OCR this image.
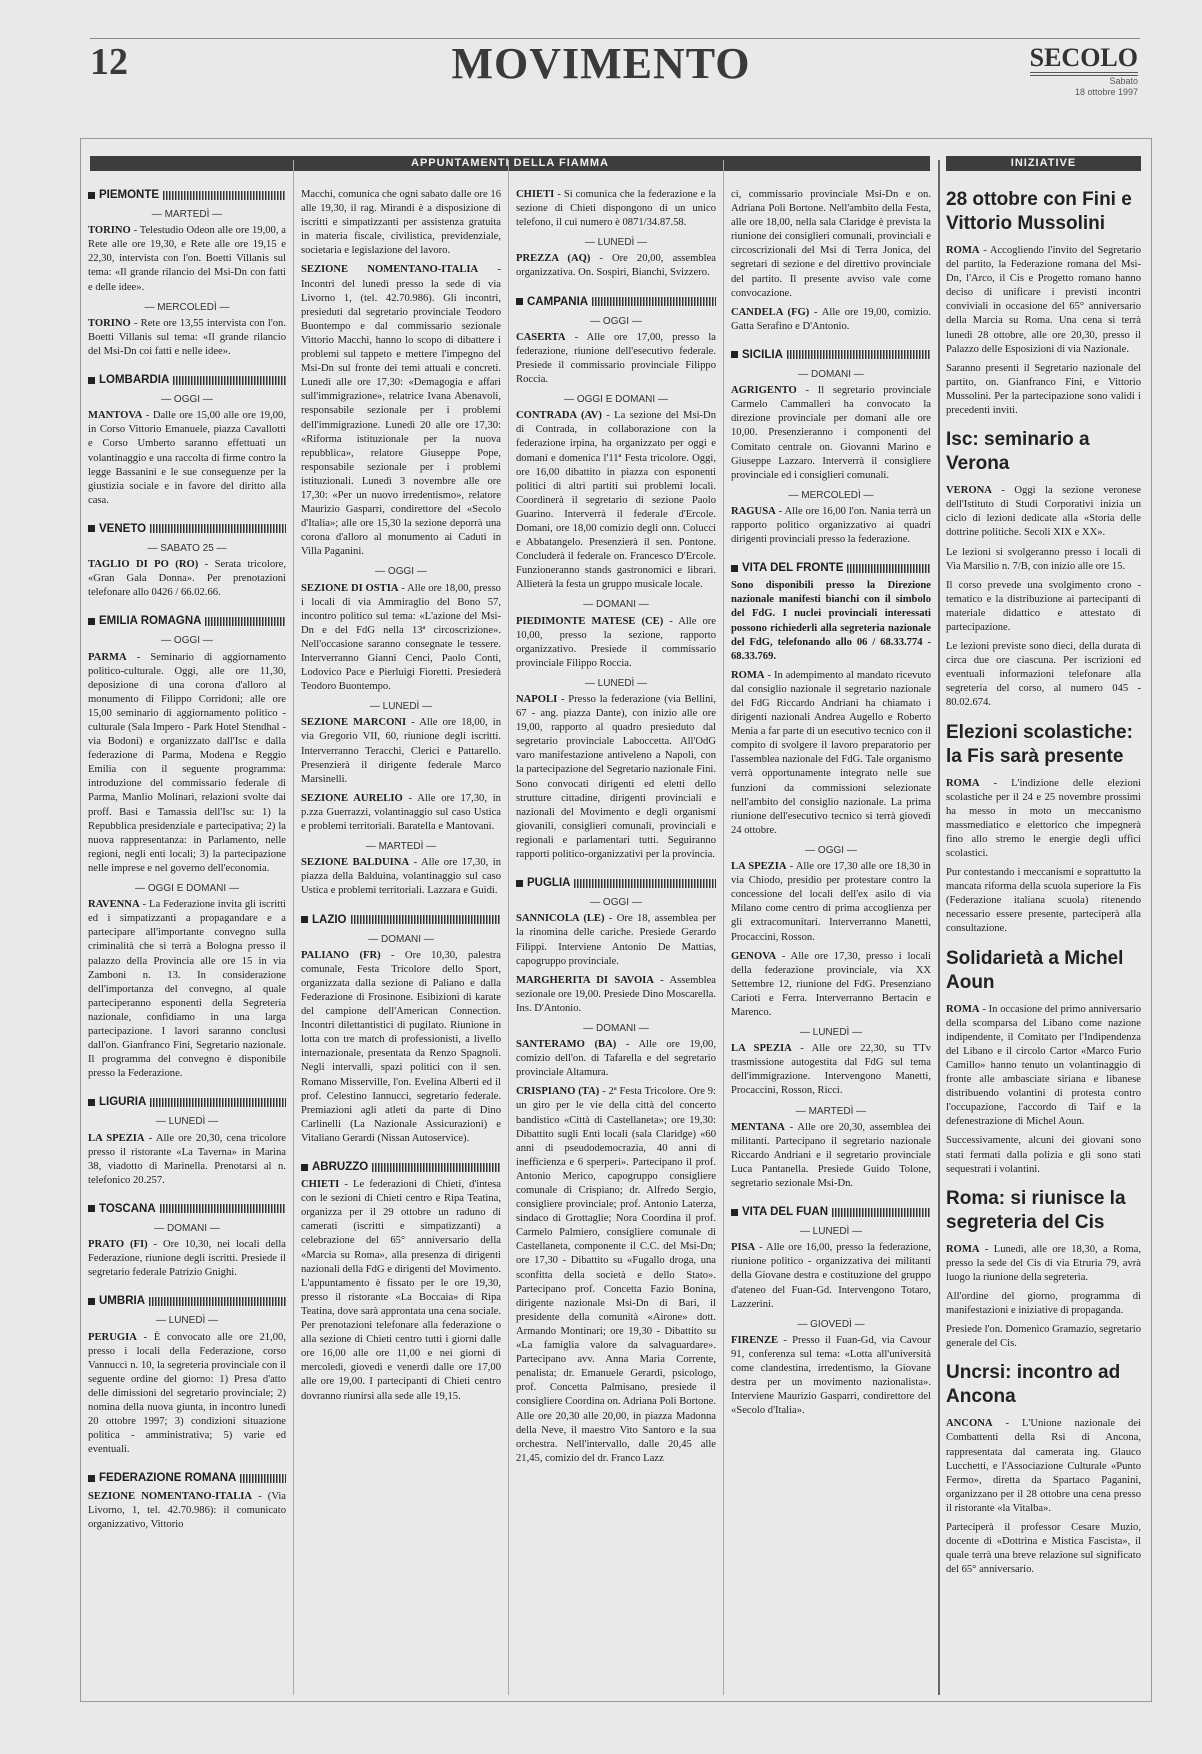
12	MOVIMENTO	SECOLO
Sabato
18 ottobre 1997
APPUNTAMENTI DELLA FIAMMA	INIZIATIVE
PIEMONTE
— MARTEDÌ —

TORINO - Telestudio Odeon alle ore 19,00, a Rete alle ore 19,30, e Rete alle ore 19,15 e 22,30, intervista con l'on. Boetti Villanis sul tema: «Il grande rilancio del Msi-Dn con fatti e delle idee».

— MERCOLEDÌ —

TORINO - Rete ore 13,55 intervista con l'on. Boetti Villanis sul tema: «Il grande rilancio del Msi-Dn coi fatti e nelle idee».

LOMBARDIA
— OGGI —

MANTOVA - Dalle ore 15,00 alle ore 19,00, in Corso Vittorio Emanuele, piazza Cavallotti e Corso Umberto saranno effettuati un volantinaggio e una raccolta di firme contro la legge Bassanini e le sue conseguenze per la giustizia sociale e in favore del diritto alla casa.

VENETO
— SABATO 25 —

TAGLIO DI PO (RO) - Serata tricolore, «Gran Gala Donna». Per prenotazioni telefonare allo 0426 / 66.02.66.

EMILIA ROMAGNA
— OGGI —

PARMA - Seminario di aggiornamento politico-culturale. Oggi, alle ore 11,30, deposizione di una corona d'alloro al monumento di Filippo Corridoni; alle ore 15,00 seminario di aggiornamento politico - culturale (Sala Impero - Park Hotel Stendhal - via Bodoni) e organizzato dall'Isc e dalla federazione di Parma, Modena e Reggio Emilia con il seguente programma: introduzione del commissario federale di Parma, Manlio Molinari, relazioni svolte dai proff. Basi e Tamassia dell'Isc su: 1) la Repubblica presidenziale e partecipativa; 2) la nuova rappresentanza: in Parlamento, nelle regioni, negli enti locali; 3) la partecipazione nelle imprese e nel governo dell'economia.

— OGGI E DOMANI —

RAVENNA - La Federazione invita gli iscritti ed i simpatizzanti a propagandare e a partecipare all'importante convegno sulla criminalità che si terrà a Bologna presso il palazzo della Provincia alle ore 15 in via Zamboni n. 13. In considerazione dell'importanza del convegno, al quale parteciperanno esponenti della Segreteria nazionale, confidiamo in una larga partecipazione. I lavori saranno conclusi dall'on. Gianfranco Fini, Segretario nazionale. Il programma del convegno è disponibile presso la Federazione.

LIGURIA
— LUNEDÌ —

LA SPEZIA - Alle ore 20,30, cena tricolore presso il ristorante «La Taverna» in Marina 38, viadotto di Marinella. Prenotarsi al n. telefonico 20.257.

TOSCANA
— DOMANI —

PRATO (FI) - Ore 10,30, nei locali della Federazione, riunione degli iscritti. Presiede il segretario federale Patrizio Gnighi.

UMBRIA
— LUNEDÌ —

PERUGIA - È convocato alle ore 21,00, presso i locali della Federazione, corso Vannucci n. 10, la segreteria provinciale con il seguente ordine del giorno: 1) Presa d'atto delle dimissioni del segretario provinciale; 2) nomina della nuova giunta, in incontro lunedì 20 ottobre 1997; 3) condizioni situazione politica - amministrativa; 5) varie ed eventuali.

FEDERAZIONE ROMANA

SEZIONE NOMENTANO-ITALIA - (Via Livorno, 1, tel. 42.70.986): il comunicato organizzativo, Vittorio

Macchi, comunica che ogni sabato dalle ore 16 alle 19,30, il rag. Mirandi è a disposizione di iscritti e simpatizzanti per assistenza gratuita in materia fiscale, civilistica, previdenziale, societaria e legislazione del lavoro.

SEZIONE NOMENTANO-ITALIA - Incontri del lunedì presso la sede di via Livorno 1, (tel. 42.70.986). Gli incontri, presieduti dal segretario provinciale Teodoro Buontempo e dal commissario sezionale Vittorio Macchi, hanno lo scopo di dibattere i problemi sul tappeto e mettere l'impegno del Msi-Dn sul fronte dei temi attuali e concreti. Lunedì alle ore 17,30: «Demagogia e affari sull'immigrazione», relatrice Ivana Abenavoli, responsabile sezionale per i problemi dell'immigrazione. Lunedì 20 alle ore 17,30: «Riforma istituzionale per la nuova repubblica», relatore Giuseppe Pope, responsabile sezionale per i problemi istituzionali. Lunedì 3 novembre alle ore 17,30: «Per un nuovo irredentismo», relatore Maurizio Gasparri, condirettore del «Secolo d'Italia»; alle ore 15,30 la sezione deporrà una corona d'alloro al monumento ai Caduti in Villa Paganini.

— OGGI —

SEZIONE DI OSTIA - Alle ore 18,00, presso i locali di via Ammiraglio del Bono 57, incontro politico sul tema: «L'azione del Msi-Dn e del FdG nella 13ª circoscrizione». Nell'occasione saranno consegnate le tessere. Interverranno Gianni Cenci, Paolo Conti, Lodovico Pace e Pierluigi Fioretti. Presiederà Teodoro Buontempo.

— LUNEDÌ —

SEZIONE MARCONI - Alle ore 18,00, in via Gregorio VII, 60, riunione degli iscritti. Interverranno Teracchi, Clerici e Pattarello. Presenzierà il dirigente federale Marco Marsinelli.

SEZIONE AURELIO - Alle ore 17,30, in p.zza Guerrazzi, volantinaggio sul caso Ustica e problemi territoriali. Baratella e Mantovani.

— MARTEDÌ —

SEZIONE BALDUINA - Alle ore 17,30, in piazza della Balduina, volantinaggio sul caso Ustica e problemi territoriali. Lazzara e Guidi.

LAZIO
— DOMANI —

PALIANO (FR) - Ore 10,30, palestra comunale, Festa Tricolore dello Sport, organizzata dalla sezione di Paliano e dalla Federazione di Frosinone. Esibizioni di karate del campione dell'American Connection. Incontri dilettantistici di pugilato. Riunione in lotta con tre match di professionisti, a livello internazionale, presentata da Renzo Spagnoli. Negli intervalli, spazi politici con il sen. Romano Misserville, l'on. Evelina Alberti ed il prof. Celestino Iannucci, segretario federale. Premiazioni agli atleti da parte di Dino Carlinelli (La Nazionale Assicurazioni) e Vitaliano Gerardi (Nissan Autoservice).

ABRUZZO

CHIETI - Le federazioni di Chieti, d'intesa con le sezioni di Chieti centro e Ripa Teatina, organizza per il 29 ottobre un raduno di camerati (iscritti e simpatizzanti) a celebrazione del 65° anniversario della «Marcia su Roma», alla presenza di dirigenti nazionali della FdG e dirigenti del Movimento. L'appuntamento è fissato per le ore 19,30, presso il ristorante «La Boccaia» di Ripa Teatina, dove sarà approntata una cena sociale. Per prenotazioni telefonare alla federazione o alla sezione di Chieti centro tutti i giorni dalle ore 16,00 alle ore 11,00 e nei giorni di mercoledì, giovedì e venerdì dalle ore 17,00 alle ore 19,00. I partecipanti di Chieti centro dovranno riunirsi alla sede alle 19,15.

CHIETI - Si comunica che la federazione e la sezione di Chieti dispongono di un unico telefono, il cui numero è 0871/34.87.58.

— LUNEDÌ —

PREZZA (AQ) - Ore 20,00, assemblea organizzativa. On. Sospiri, Bianchi, Svizzero.

CAMPANIA
— OGGI —

CASERTA - Alle ore 17,00, presso la federazione, riunione dell'esecutivo federale. Presiede il commissario provinciale Filippo Roccia.

— OGGI E DOMANI —

CONTRADA (AV) - La sezione del Msi-Dn di Contrada, in collaborazione con la federazione irpina, ha organizzato per oggi e domani e domenica l'11ª Festa tricolore. Oggi, ore 16,00 dibattito in piazza con esponenti politici di altri partiti sui problemi locali. Coordinerà il segretario di sezione Paolo Guarino. Interverrà il federale d'Ercole. Domani, ore 18,00 comizio degli onn. Colucci e Abbatangelo. Presenzierà il sen. Pontone. Concluderà il federale on. Francesco D'Ercole. Funzioneranno stands gastronomici e librari. Allieterà la festa un gruppo musicale locale.

— DOMANI —

PIEDIMONTE MATESE (CE) - Alle ore 10,00, presso la sezione, rapporto organizzativo. Presiede il commissario provinciale Filippo Roccia.

— LUNEDÌ —

NAPOLI - Presso la federazione (via Bellini, 67 - ang. piazza Dante), con inizio alle ore 19,00, rapporto al quadro presieduto dal segretario provinciale Laboccetta. All'OdG varo manifestazione antiveleno a Napoli, con la partecipazione del Segretario nazionale Fini. Sono convocati dirigenti ed eletti dello strutture cittadine, dirigenti provinciali e nazionali del Movimento e degli organismi giovanili, consiglieri comunali, provinciali e regionali e parlamentari tutti. Seguiranno rapporti politico-organizzativi per la provincia.

PUGLIA
— OGGI —

SANNICOLA (LE) - Ore 18, assemblea per la rinomina delle cariche. Presiede Gerardo Filippi. Interviene Antonio De Mattias, capogruppo provinciale.

MARGHERITA DI SAVOIA - Assemblea sezionale ore 19,00. Presiede Dino Moscarella. Ins. D'Antonio.

— DOMANI —

SANTERAMO (BA) - Alle ore 19,00, comizio dell'on. di Tafarella e del segretario provinciale Altamura.

CRISPIANO (TA) - 2ª Festa Tricolore. Ore 9: un giro per le vie della città del concerto bandistico «Città di Castellaneta»; ore 19,30: Dibattito sugli Enti locali (sala Claridge) «60 anni di pseudodemocrazia, 40 anni di inefficienza e 6 sperperi». Partecipano il prof. Antonio Merico, capogruppo consigliere comunale di Crispiano; dr. Alfredo Sergio, consigliere provinciale; prof. Antonio Laterza, sindaco di Grottaglie; Nora Coordina il prof. Carmelo Palmiero, consigliere comunale di Castellaneta, componente il C.C. del Msi-Dn; ore 17,30 - Dibattito su «Fugallo droga, una sconfitta della società e dello Stato». Partecipano prof. Concetta Fazio Bonina, dirigente nazionale Msi-Dn di Bari, il presidente della comunità «Airone» dott. Armando Montinari; ore 19,30 - Dibattito su «La famiglia valore da salvaguardare». Partecipano avv. Anna Maria Corrente, penalista; dr. Emanuele Gerardi, psicologo, prof. Concetta Palmisano, presiede il consigliere Coordina on. Adriana Poli Bortone. Alle ore 20,30 alle 20,00, in piazza Madonna della Neve, il maestro Vito Santoro e la sua orchestra. Nell'intervallo, dalle 20,45 alle 21,45, comizio del dr. Franco Lazz

ci, commissario provinciale Msi-Dn e on. Adriana Poli Bortone. Nell'ambito della Festa, alle ore 18,00, nella sala Claridge è prevista la riunione dei consiglieri comunali, provinciali e circoscrizionali del Msi di Terra Jonica, del segretari di sezione e del direttivo provinciale del partito. Il presente avviso vale come convocazione.

CANDELA (FG) - Alle ore 19,00, comizio. Gatta Serafino e D'Antonio.

SICILIA
— DOMANI —

AGRIGENTO - Il segretario provinciale Carmelo Cammalleri ha convocato la direzione provinciale per domani alle ore 10,00. Presenzieranno i componenti del Comitato centrale on. Giovanni Marino e Giuseppe Lazzaro. Interverrà il consigliere provinciale ed i consiglieri comunali.

— MERCOLEDÌ —

RAGUSA - Alle ore 16,00 l'on. Nania terrà un rapporto politico organizzativo ai quadri dirigenti provinciali presso la federazione.

VITA DEL FRONTE

Sono disponibili presso la Direzione nazionale manifesti bianchi con il simbolo del FdG. I nuclei provinciali interessati possono richiederli alla segreteria nazionale del FdG, telefonando allo 06 / 68.33.774 - 68.33.769.

ROMA - In adempimento al mandato ricevuto dal consiglio nazionale il segretario nazionale del FdG Riccardo Andriani ha chiamato i dirigenti nazionali Andrea Augello e Roberto Menia a far parte di un esecutivo tecnico con il compito di svolgere il lavoro preparatorio per l'assemblea nazionale del FdG. Tale organismo verrà opportunamente integrato nelle sue funzioni da commissioni selezionate nell'ambito del consiglio nazionale. La prima riunione dell'esecutivo tecnico si terrà giovedì 24 ottobre.

— OGGI —

LA SPEZIA - Alle ore 17,30 alle ore 18,30 in via Chiodo, presidio per protestare contro la concessione del locali dell'ex asilo di via Milano come centro di prima accoglienza per gli extracomunitari. Interverranno Manetti, Procaccini, Rosson.

GENOVA - Alle ore 17,30, presso i locali della federazione provinciale, via XX Settembre 12, riunione del FdG. Presenziano Carioti e Ferra. Interverranno Bertacin e Marenco.

— LUNEDÌ —

LA SPEZIA - Alle ore 22,30, su TTv trasmissione autogestita dal FdG sul tema dell'immigrazione. Intervengono Manetti, Procaccini, Rosson, Ricci.

— MARTEDÌ —

MENTANA - Alle ore 20,30, assemblea dei militanti. Partecipano il segretario nazionale Riccardo Andriani e il segretario provinciale Luca Pantanella. Presiede Guido Tolone, segretario sezionale Msi-Dn.

VITA DEL FUAN
— LUNEDÌ —

PISA - Alle ore 16,00, presso la federazione, riunione politico - organizzativa dei militanti della Giovane destra e costituzione del gruppo d'ateneo del Fuan-Gd. Intervengono Totaro, Lazzerini.

— GIOVEDÌ —

FIRENZE - Presso il Fuan-Gd, via Cavour 91, conferenza sul tema: «Lotta all'università come clandestina, irredentismo, la Giovane destra per un movimento nazionalista». Interviene Maurizio Gasparri, condirettore del «Secolo d'Italia».

28 ottobre con Fini e Vittorio Mussolini

ROMA - Accogliendo l'invito del Segretario del partito, la Federazione romana del Msi-Dn, l'Arco, il Cis e Progetto romano hanno deciso di unificare i previsti incontri conviviali in occasione del 65° anniversario della Marcia su Roma. Una cena si terrà lunedì 28 ottobre, alle ore 20,30, presso il Palazzo delle Esposizioni di via Nazionale.

Saranno presenti il Segretario nazionale del partito, on. Gianfranco Fini, e Vittorio Mussolini. Per la partecipazione sono validi i precedenti inviti.

Isc: seminario a Verona

VERONA - Oggi la sezione veronese dell'Istituto di Studi Corporativi inizia un ciclo di lezioni dedicate alla «Storia delle dottrine politiche. Secoli XIX e XX».

Le lezioni si svolgeranno presso i locali di Via Marsilio n. 7/B, con inizio alle ore 15.

Il corso prevede una svolgimento crono - tematico e la distribuzione ai partecipanti di materiale didattico e attestato di partecipazione.

Le lezioni previste sono dieci, della durata di circa due ore ciascuna. Per iscrizioni ed eventuali informazioni telefonare alla segreteria del corso, al numero 045 - 80.02.674.

Elezioni scolastiche: la Fis sarà presente

ROMA - L'indizione delle elezioni scolastiche per il 24 e 25 novembre prossimi ha messo in moto un meccanismo massmediatico e elettorico che impegnerà fino allo stremo le energie degli uffici scolastici.

Pur contestando i meccanismi e soprattutto la mancata riforma della scuola superiore la Fis (Federazione italiana scuola) ritenendo necessario essere presente, parteciperà alla consultazione.

Solidarietà a Michel Aoun

ROMA - In occasione del primo anniversario della scomparsa del Libano come nazione indipendente, il Comitato per l'Indipendenza del Libano e il circolo Cartor «Marco Furio Camillo» hanno tenuto un volantinaggio di fronte alle ambasciate siriana e libanese distribuendo volantini di protesta contro l'occupazione, l'accordo di Taif e la defenestrazione di Michel Aoun.

Successivamente, alcuni dei giovani sono stati fermati dalla polizia e gli sono stati sequestrati i volantini.

Roma: si riunisce la segreteria del Cis

ROMA - Lunedì, alle ore 18,30, a Roma, presso la sede del Cis di via Etruria 79, avrà luogo la riunione della segreteria.

All'ordine del giorno, programma di manifestazioni e iniziative di propaganda.

Presiede l'on. Domenico Gramazio, segretario generale del Cis.

Uncrsi: incontro ad Ancona

ANCONA - L'Unione nazionale dei Combattenti della Rsi di Ancona, rappresentata dal camerata ing. Glauco Lucchetti, e l'Associazione Culturale «Punto Fermo», diretta da Spartaco Paganini, organizzano per il 28 ottobre una cena presso il ristorante «la Vitalba».

Parteciperà il professor Cesare Muzio, docente di «Dottrina e Mistica Fascista», il quale terrà una breve relazione sul significato del 65° anniversario.
